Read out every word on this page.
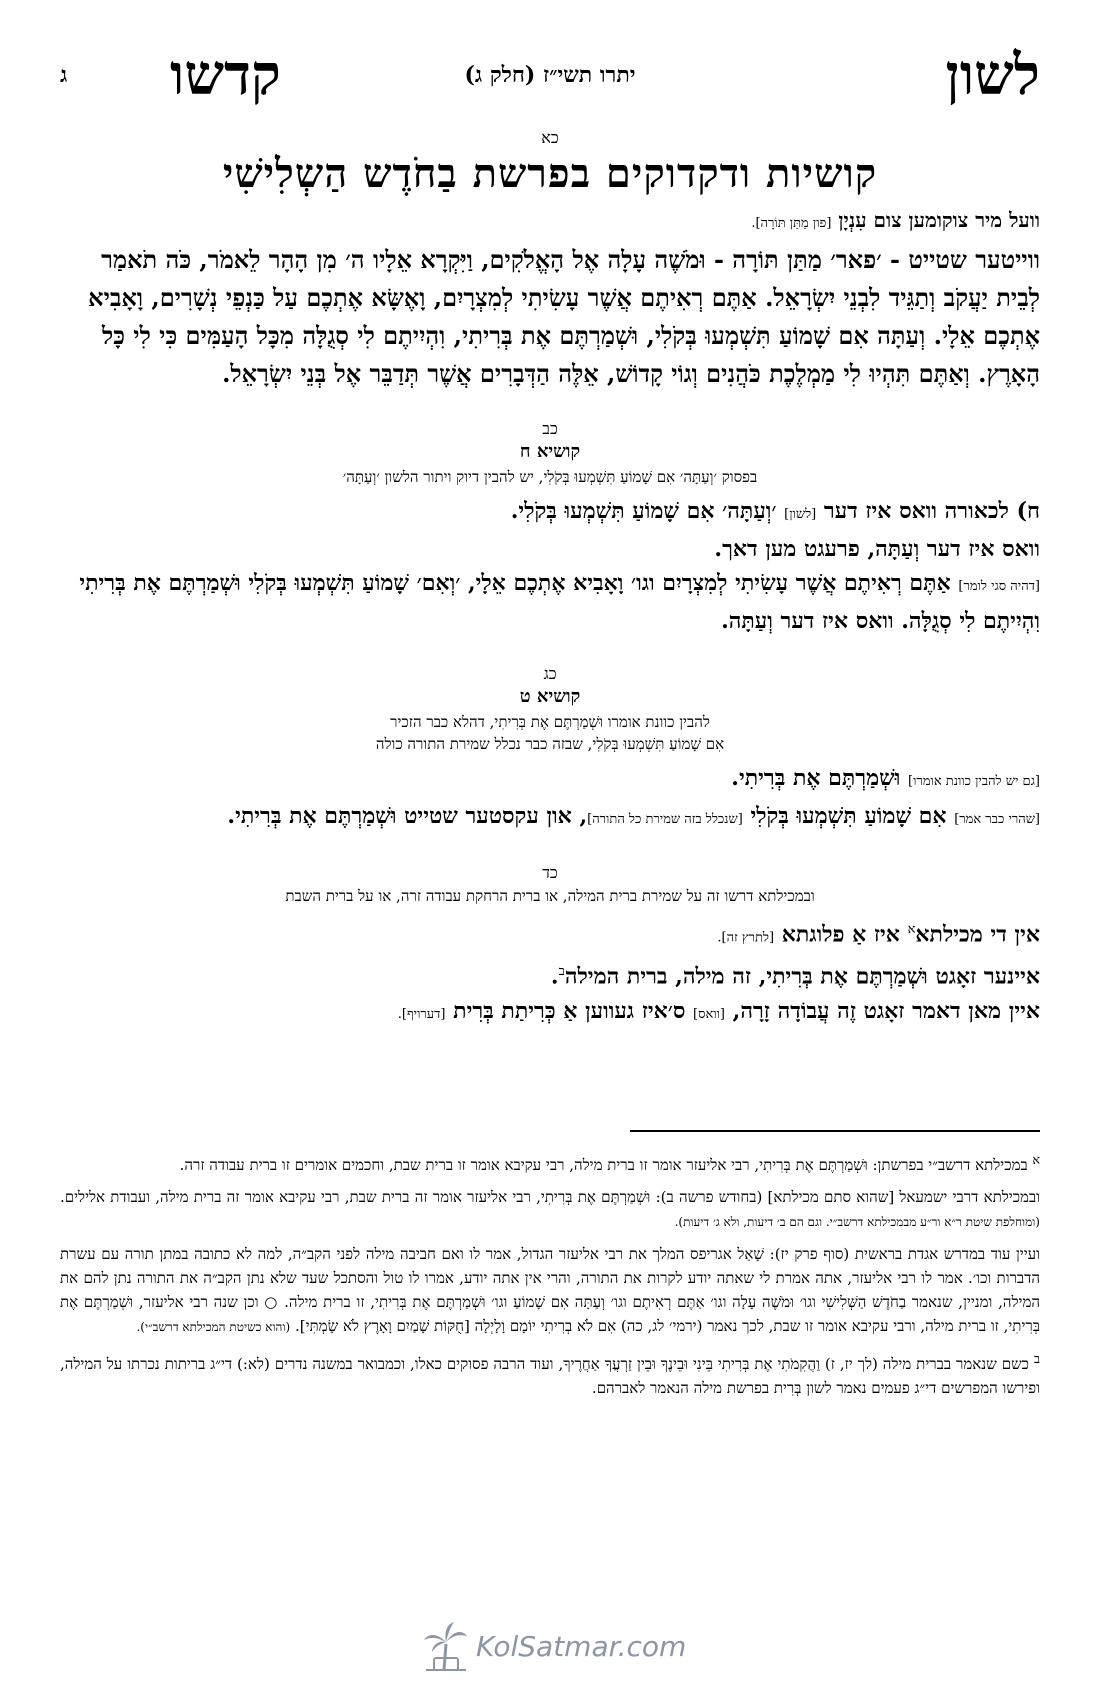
לשון
יתרו תשי״ז (חלק ג)
קדשו
ג
כא
קושיות ודקדוקים בפרשת בַחֹדֶש הַשְלִישִׁי

וועל מיר צוקומען צום עִנְיָן [פון מַתַּן תּוֹרָה].

ווייטער שטייט - ׳פאר׳ מַתַּן תּוֹרָה - וּמֹשֶׁה עָלָה אֶל הָאֱלֹקִים, וַיִּקְרָא אֵלָיו ה׳ מִן הָהָר לֵאמֹר, כֹּה תֹאמַר לְבֵית יַעֲקֹב וְתַגֵּיד לִבְנֵי יִשְׂרָאֵל. אַתֶּם רְאִיתֶם אֲשֶׁר עָשִׂיתִי לְמִצְרָיִם, וָאֶשָּׂא אֶתְכֶם עַל כַּנְפֵי נְשָׁרִים, וָאָבִיא אֶתְכֶם אֵלָי. וְעַתָּה אִם שָׁמוֹעַ תִּשְׁמְעוּ בְּקֹלִי, וּשְׁמַרְתֶּם אֶת בְּרִיתִי, וִהְיִיתֶם לִי סְגֻלָּה מִכָּל הָעַמִּים כִּי לִי כָּל הָאָרֶץ. וְאַתֶּם תִּהְיוּ לִי מַמְלֶכֶת כֹּהֲנִים וְגוֹי קָדוֹשׁ, אֵלֶּה הַדְּבָרִים אֲשֶׁר תְּדַבֵּר אֶל בְּנֵי יִשְׂרָאֵל.

כב
קושיא ח
בפסוק ׳וְעַתָּה׳ אִם שָׁמוֹעַ תִּשְׁמְעוּ בְּקֹלִי, יש להבין דיוק ויתור הלשון ׳וְעַתָּה׳

ח) לכאורה וואס איז דער [לשון] ׳וְעַתָּה׳ אִם שָׁמוֹעַ תִּשְׁמְעוּ בְּקֹלִי.

וואס איז דער וְעַתָּה, פרעגט מען דאך.

[דהיה סגי לומר] אַתֶּם רְאִיתֶם אֲשֶׁר עָשִׂיתִי לְמִצְרָיִם וגו׳ וָאָבִיא אֶתְכֶם אֵלָי, ׳וְאִם׳ שָׁמוֹעַ תִּשְׁמְעוּ בְּקֹלִי וּשְׁמַרְתֶּם אֶת בְּרִיתִי וִהְיִיתֶם לִי סְגֻלָּה. וואס איז דער וְעַתָּה.

כג
קושיא ט
להבין כוונת אומרו וּשְׁמַרְתֶּם אֶת בְּרִיתִי, דהלא כבר הזכיר
אִם שָׁמוֹעַ תִּשְׁמְעוּ בְּקֹלִי, שבזה כבר נכלל שמירת התורה כולה

[גם יש להבין כוונת אומרו] וּשְׁמַרְתֶּם אֶת בְּרִיתִי.

[שהרי כבר אמר] אִם שָׁמוֹעַ תִּשְׁמְעוּ בְּקֹלִי [שנכלל בזה שמירת כל התורה], און עקסטער שטייט וּשְׁמַרְתֶּם אֶת בְּרִיתִי.

כד
ובמכילתא דרשו זה על שמירת ברית המילה, או ברית הרחקת עבודה זרה, או על ברית השבת

אין די מכילתא$^א$ איז אַ פלוגתא [לתרץ זה].

איינער זאָגט וּשְׁמַרְתֶּם אֶת בְּרִיתִי, זה מילה, ברית המילה$^ב$.

איין מאן דאמר זאָגט זֶה עֲבוֹדָה זָרָה, [וואס] ס׳איז געווען אַ כְּרִיתַת בְּרִית [דערויף].

$^א$ במכילתא דרשב״י בפרשתן: וּשְׁמַרְתֶּם אֶת בְּרִיתִי, רבי אליעזר אומר זו ברית מילה, רבי עקיבא אומר זו ברית שבת, וחכמים אומרים זו ברית עבודה זרה.

ובמכילתא דרבי ישמעאל [שהוא סתם מכילתא] (בחודש פרשה ב): וּשְׁמַרְתֶּם אֶת בְּרִיתִי, רבי אליעזר אומר זה ברית שבת, רבי עקיבא אומר זה ברית מילה, ועבודת אלילים. (ומוחלפת שיטת ר״א ור״ע מבמכילתא דרשב״י. וגם הם ב׳ דיעות, ולא ג׳ דיעות).

ועיין עוד במדרש אגדת בראשית (סוף פרק יז): שָׁאַל אגריפס המלך את רבי אליעזר הגדול, אמר לו ואם חביבה מילה לפני הקב״ה, למה לא כתובה במתן תורה עם עשרת הדברות וכו׳. אמר לו רבי אליעזר, אתה אמרת לי שאתה יודע לקרות את התורה, והרי אין אתה יודע, אמרו לו טול והסתכל שעד שלא נתן הקב״ה את התורה נתן להם את המילה, ומניין, שנאמר בַחֹדֶשׁ הַשְּׁלִישִׁי וגו׳ וּמֹשֶׁה עָלָה וגו׳ אַתֶּם רְאִיתֶם וגו׳ וְעַתָּה אִם שָׁמוֹעַ וגו׳ וּשְׁמַרְתֶּם אֶת בְּרִיתִי, זו ברית מילה. ○ וכן שנה רבי אליעזר, וּשְׁמַרְתֶּם אֶת בְּרִיתִי, זו ברית מילה, ורבי עקיבא אומר זו שבת, לכך נאמר (ירמי׳ לג, כה) אִם לֹא בְרִיתִי יוֹמָם וָלָיְלָה [חֻקּוֹת שָׁמַיִם וָאָרֶץ לֹא שָׂמְתִּי]. (והוא כשיטת המכילתא דרשב״י).

$^ב$ כשם שנאמר בברית מילה (לך יז, ז) וַהֲקִמֹתִי אֶת בְּרִיתִי בֵּינִי וּבֵינֶךָ וּבֵין זַרְעֲךָ אַחֲרֶיךָ, ועוד הרבה פסוקים כאלו, וכמבואר במשנה נדרים (לא:) די״ג בריתות נכרתו על המילה, ופירשו המפרשים די״ג פעמים נאמר לשון בְּרִית בפרשת מילה הנאמר לאברהם.

KolSatmar.com
